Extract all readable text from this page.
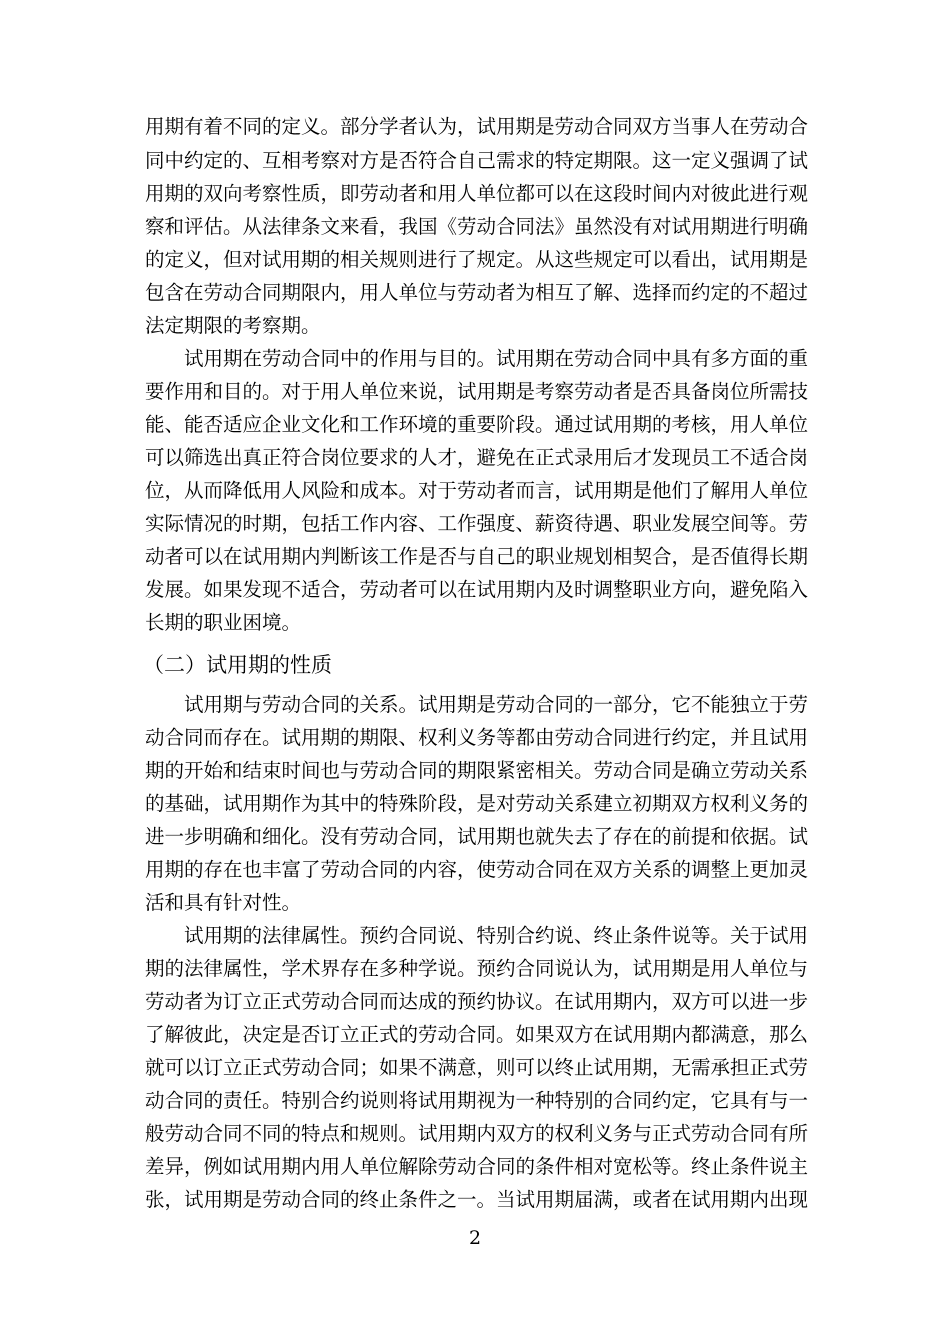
用期有着不同的定义。部分学者认为，试用期是劳动合同双方当事人在劳动合
同中约定的、互相考察对方是否符合自己需求的特定期限。这一定义强调了试
用期的双向考察性质，即劳动者和用人单位都可以在这段时间内对彼此进行观
察和评估。从法律条文来看，我国《劳动合同法》虽然没有对试用期进行明确
的定义，但对试用期的相关规则进行了规定。从这些规定可以看出，试用期是
包含在劳动合同期限内，用人单位与劳动者为相互了解、选择而约定的不超过
法定期限的考察期。
试用期在劳动合同中的作用与目的。试用期在劳动合同中具有多方面的重
要作用和目的。对于用人单位来说，试用期是考察劳动者是否具备岗位所需技
能、能否适应企业文化和工作环境的重要阶段。通过试用期的考核，用人单位
可以筛选出真正符合岗位要求的人才，避免在正式录用后才发现员工不适合岗
位，从而降低用人风险和成本。对于劳动者而言，试用期是他们了解用人单位
实际情况的时期，包括工作内容、工作强度、薪资待遇、职业发展空间等。劳
动者可以在试用期内判断该工作是否与自己的职业规划相契合，是否值得长期
发展。如果发现不适合，劳动者可以在试用期内及时调整职业方向，避免陷入
长期的职业困境。
（二）试用期的性质
试用期与劳动合同的关系。试用期是劳动合同的一部分，它不能独立于劳
动合同而存在。试用期的期限、权利义务等都由劳动合同进行约定，并且试用
期的开始和结束时间也与劳动合同的期限紧密相关。劳动合同是确立劳动关系
的基础，试用期作为其中的特殊阶段，是对劳动关系建立初期双方权利义务的
进一步明确和细化。没有劳动合同，试用期也就失去了存在的前提和依据。试
用期的存在也丰富了劳动合同的内容，使劳动合同在双方关系的调整上更加灵
活和具有针对性。
试用期的法律属性。预约合同说、特别合约说、终止条件说等。关于试用
期的法律属性，学术界存在多种学说。预约合同说认为，试用期是用人单位与
劳动者为订立正式劳动合同而达成的预约协议。在试用期内，双方可以进一步
了解彼此，决定是否订立正式的劳动合同。如果双方在试用期内都满意，那么
就可以订立正式劳动合同；如果不满意，则可以终止试用期，无需承担正式劳
动合同的责任。特别合约说则将试用期视为一种特别的合同约定，它具有与一
般劳动合同不同的特点和规则。试用期内双方的权利义务与正式劳动合同有所
差异，例如试用期内用人单位解除劳动合同的条件相对宽松等。终止条件说主
张，试用期是劳动合同的终止条件之一。当试用期届满，或者在试用期内出现
2
